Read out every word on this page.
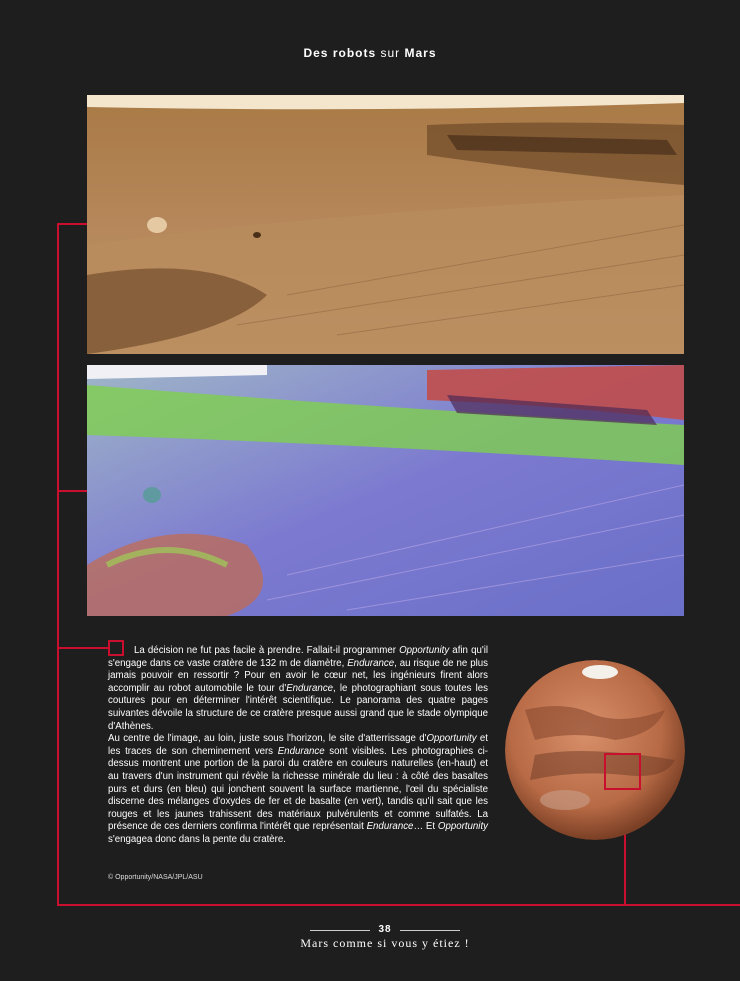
Des robots sur Mars

La décision ne fut pas facile à prendre. Fallait-il programmer Opportunity afin qu'il s'engage dans ce vaste cratère de 132 m de diamètre, Endurance, au risque de ne plus jamais pouvoir en ressortir ? Pour en avoir le cœur net, les ingénieurs firent alors accomplir au robot automobile le tour d'Endurance, le photographiant sous toutes les coutures pour en déterminer l'intérêt scientifique. Le panorama des quatre pages suivantes dévoile la structure de ce cratère presque aussi grand que le stade olympique d'Athènes.

Au centre de l'image, au loin, juste sous l'horizon, le site d'atterrissage d'Opportunity et les traces de son cheminement vers Endurance sont visibles. Les photographies ci-dessus montrent une portion de la paroi du cratère en couleurs naturelles (en-haut) et au travers d'un instrument qui révèle la richesse minérale du lieu : à côté des basaltes purs et durs (en bleu) qui jonchent souvent la surface martienne, l'œil du spécialiste discerne des mélanges d'oxydes de fer et de basalte (en vert), tandis qu'il sait que les rouges et les jaunes trahissent des matériaux pulvérulents et comme sulfatés. La présence de ces derniers confirma l'intérêt que représentait Endurance… Et Opportunity s'engagea donc dans la pente du cratère.

© Opportunity/NASA/JPL/ASU
38
Mars comme si vous y étiez !
